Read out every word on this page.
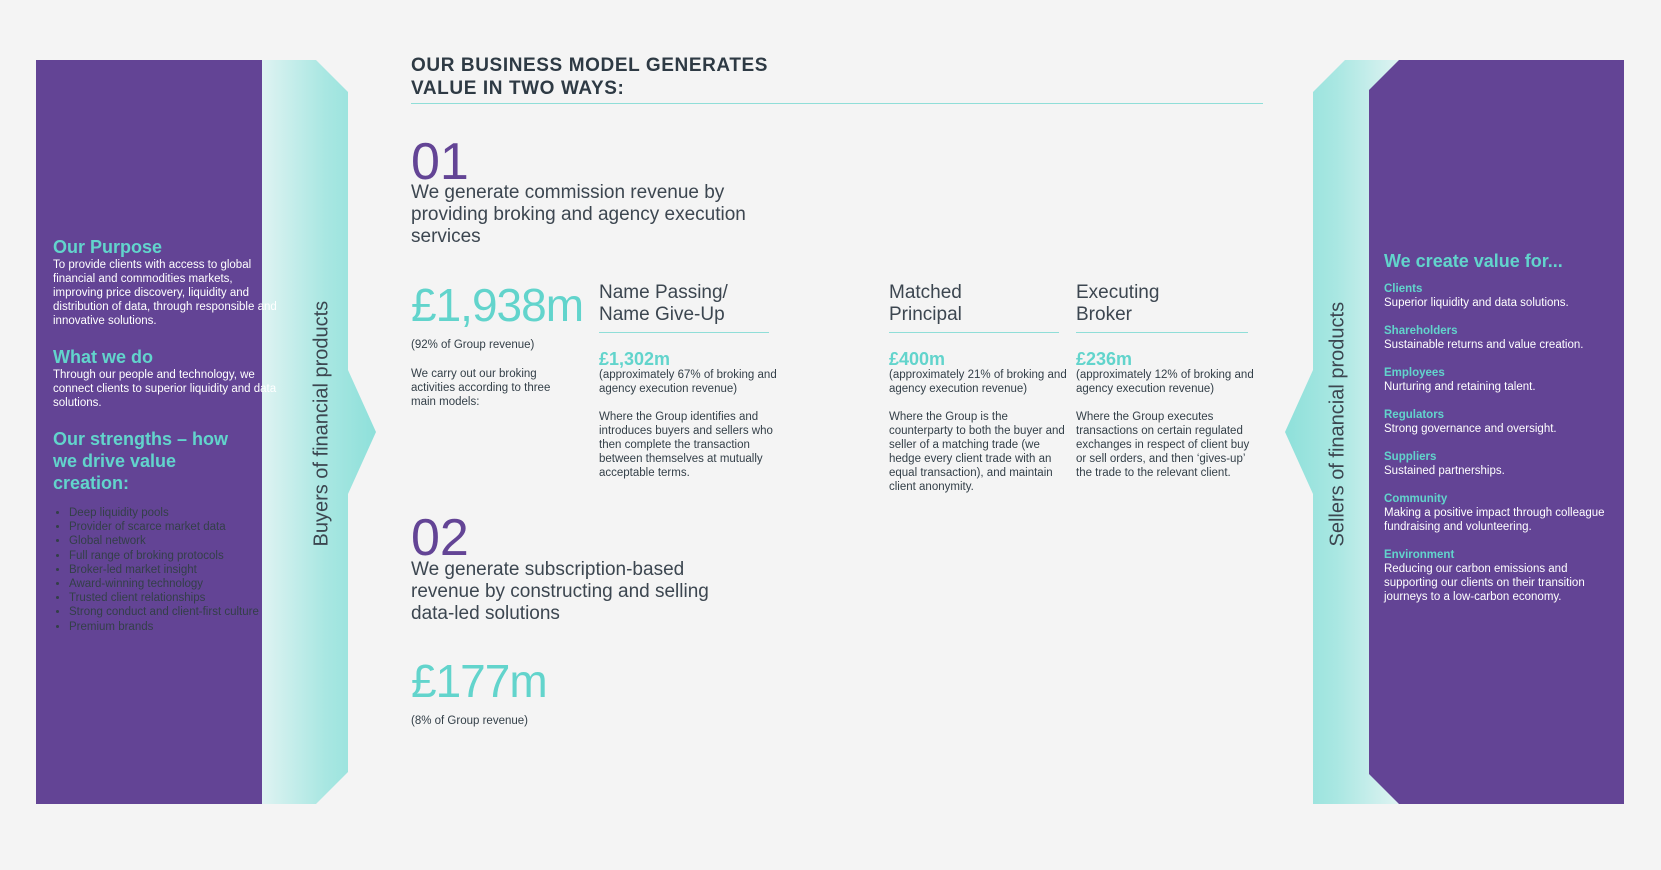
Buyers of financial products
Our Purpose
To provide clients with access to global financial and commodities markets, improving price discovery, liquidity and distribution of data, through responsible and innovative solutions.
What we do
Through our people and technology, we connect clients to superior liquidity and data solutions.
Our strengths – how we drive value creation:
• Deep liquidity pools
• Provider of scarce market data
• Global network
• Full range of broking protocols
• Broker-led market insight
• Award-winning technology
• Trusted client relationships
• Strong conduct and client-first culture
• Premium brands
Sellers of financial products
We create value for...
Clients
Superior liquidity and data solutions.
Shareholders
Sustainable returns and value creation.
Employees
Nurturing and retaining talent.
Regulators
Strong governance and oversight.
Suppliers
Sustained partnerships.
Community
Making a positive impact through colleague fundraising and volunteering.
Environment
Reducing our carbon emissions and supporting our clients on their transition journeys to a low-carbon economy.
OUR BUSINESS MODEL GENERATES
VALUE IN TWO WAYS:
01
We generate commission revenue by providing broking and agency execution services
£1,938m
(92% of Group revenue)
We carry out our broking activities according to three main models:
Name Passing/ Name Give-Up
£1,302m
(approximately 67% of broking and agency execution revenue)
Where the Group identifies and introduces buyers and sellers who then complete the transaction between themselves at mutually acceptable terms.
Matched Principal
£400m
(approximately 21% of broking and agency execution revenue)
Where the Group is the counterparty to both the buyer and seller of a matching trade (we hedge every client trade with an equal transaction), and maintain client anonymity.
Executing Broker
£236m
(approximately 12% of broking and agency execution revenue)
Where the Group executes transactions on certain regulated exchanges in respect of client buy or sell orders, and then ‘gives-up’ the trade to the relevant client.
02
We generate subscription-based revenue by constructing and selling data-led solutions
£177m
(8% of Group revenue)
